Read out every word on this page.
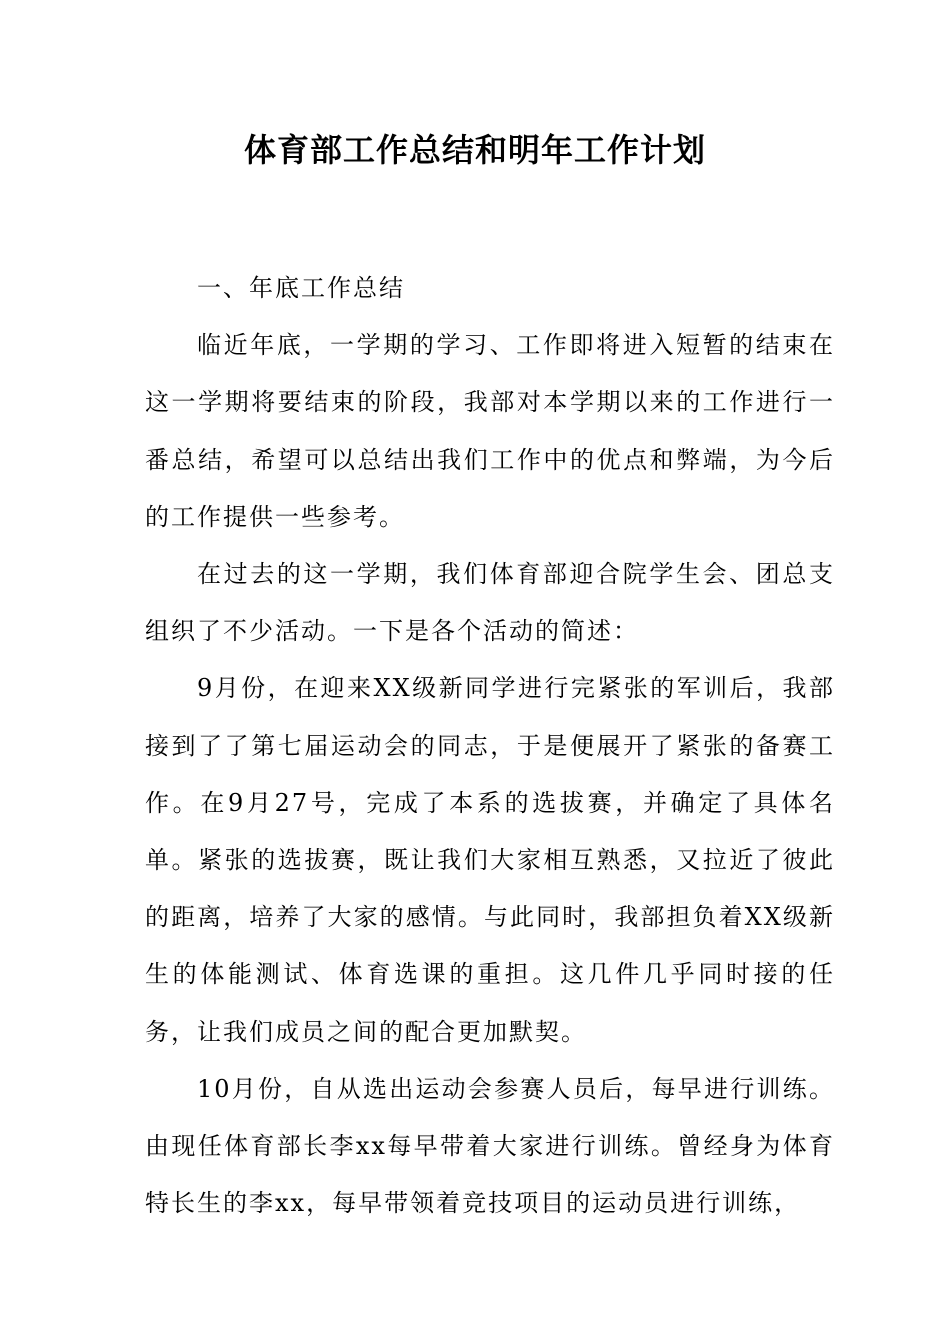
体育部工作总结和明年工作计划

一、年底工作总结

临近年底，一学期的学习、工作即将进入短暂的结束在这一学期将要结束的阶段，我部对本学期以来的工作进行一番总结，希望可以总结出我们工作中的优点和弊端，为今后的工作提供一些参考。

在过去的这一学期，我们体育部迎合院学生会、团总支组织了不少活动。一下是各个活动的简述：

9月份，在迎来XX级新同学进行完紧张的军训后，我部接到了了第七届运动会的同志，于是便展开了紧张的备赛工作。在9月27号，完成了本系的选拔赛，并确定了具体名单。紧张的选拔赛，既让我们大家相互熟悉，又拉近了彼此的距离，培养了大家的感情。与此同时，我部担负着XX级新生的体能测试、体育选课的重担。这几件几乎同时接的任务，让我们成员之间的配合更加默契。

10月份，自从选出运动会参赛人员后，每早进行训练。由现任体育部长李xx每早带着大家进行训练。曾经身为体育特长生的李xx，每早带领着竞技项目的运动员进行训练，
